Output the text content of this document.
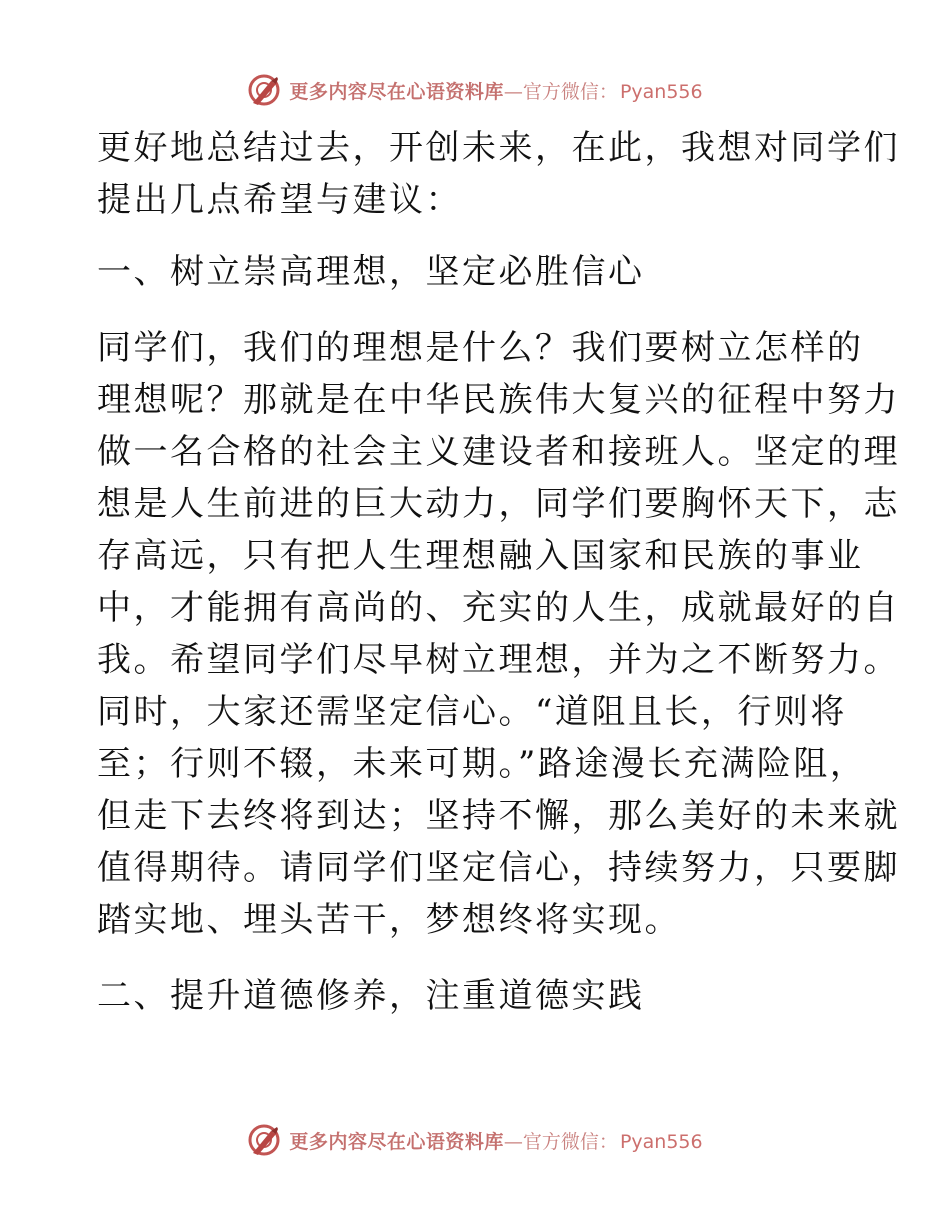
更多内容尽在心语资料库 — 官方微信： Pyan556
更好地总结过去，开创未来，在此，我想对同学们
提出几点希望与建议：
一、树立崇高理想，坚定必胜信心
同学们，我们的理想是什么？我们要树立怎样的
理想呢？那就是在中华民族伟大复兴的征程中努力
做一名合格的社会主义建设者和接班人。坚定的理
想是人生前进的巨大动力，同学们要胸怀天下，志
存高远，只有把人生理想融入国家和民族的事业
中，才能拥有高尚的、充实的人生，成就最好的自
我。希望同学们尽早树立理想，并为之不断努力。
同时，大家还需坚定信心。“道阻且长，行则将
至；行则不辍，未来可期。”路途漫长充满险阻，
但走下去终将到达；坚持不懈，那么美好的未来就
值得期待。请同学们坚定信心，持续努力，只要脚
踏实地、埋头苦干，梦想终将实现。
二、提升道德修养，注重道德实践
更多内容尽在心语资料库 — 官方微信： Pyan556
